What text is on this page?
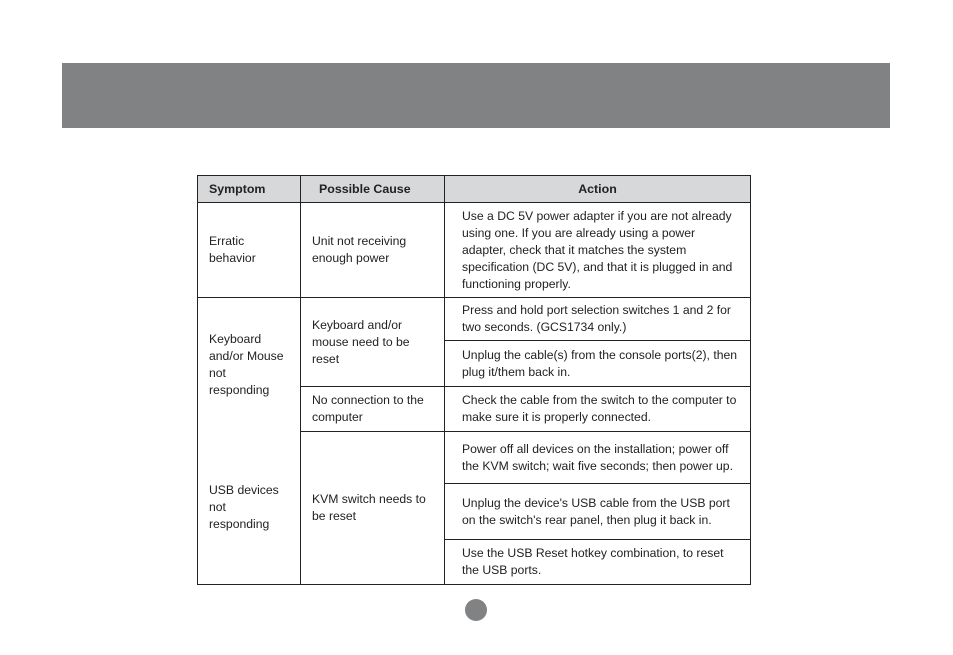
Symptom	Possible Cause	Action
Erratic behavior	Unit not receiving enough power	Use a DC 5V power adapter if you are not already using one. If you are already using a power adapter, check that it matches the system specification (DC 5V), and that it is plugged in and functioning properly.
Keyboard and/or Mouse not responding	Keyboard and/or mouse need to be reset	Press and hold port selection switches 1 and 2 for two seconds. (GCS1734 only.)
		Unplug the cable(s) from the console ports(2), then plug it/them back in.
	No connection to the computer	Check the cable from the switch to the computer to make sure it is properly connected.
USB devices not responding	KVM switch needs to be reset	Power off all devices on the installation; power off the KVM switch; wait five seconds; then power up.
		Unplug the device's USB cable from the USB port on the switch's rear panel, then plug it back in.
		Use the USB Reset hotkey combination, to reset the USB ports.
